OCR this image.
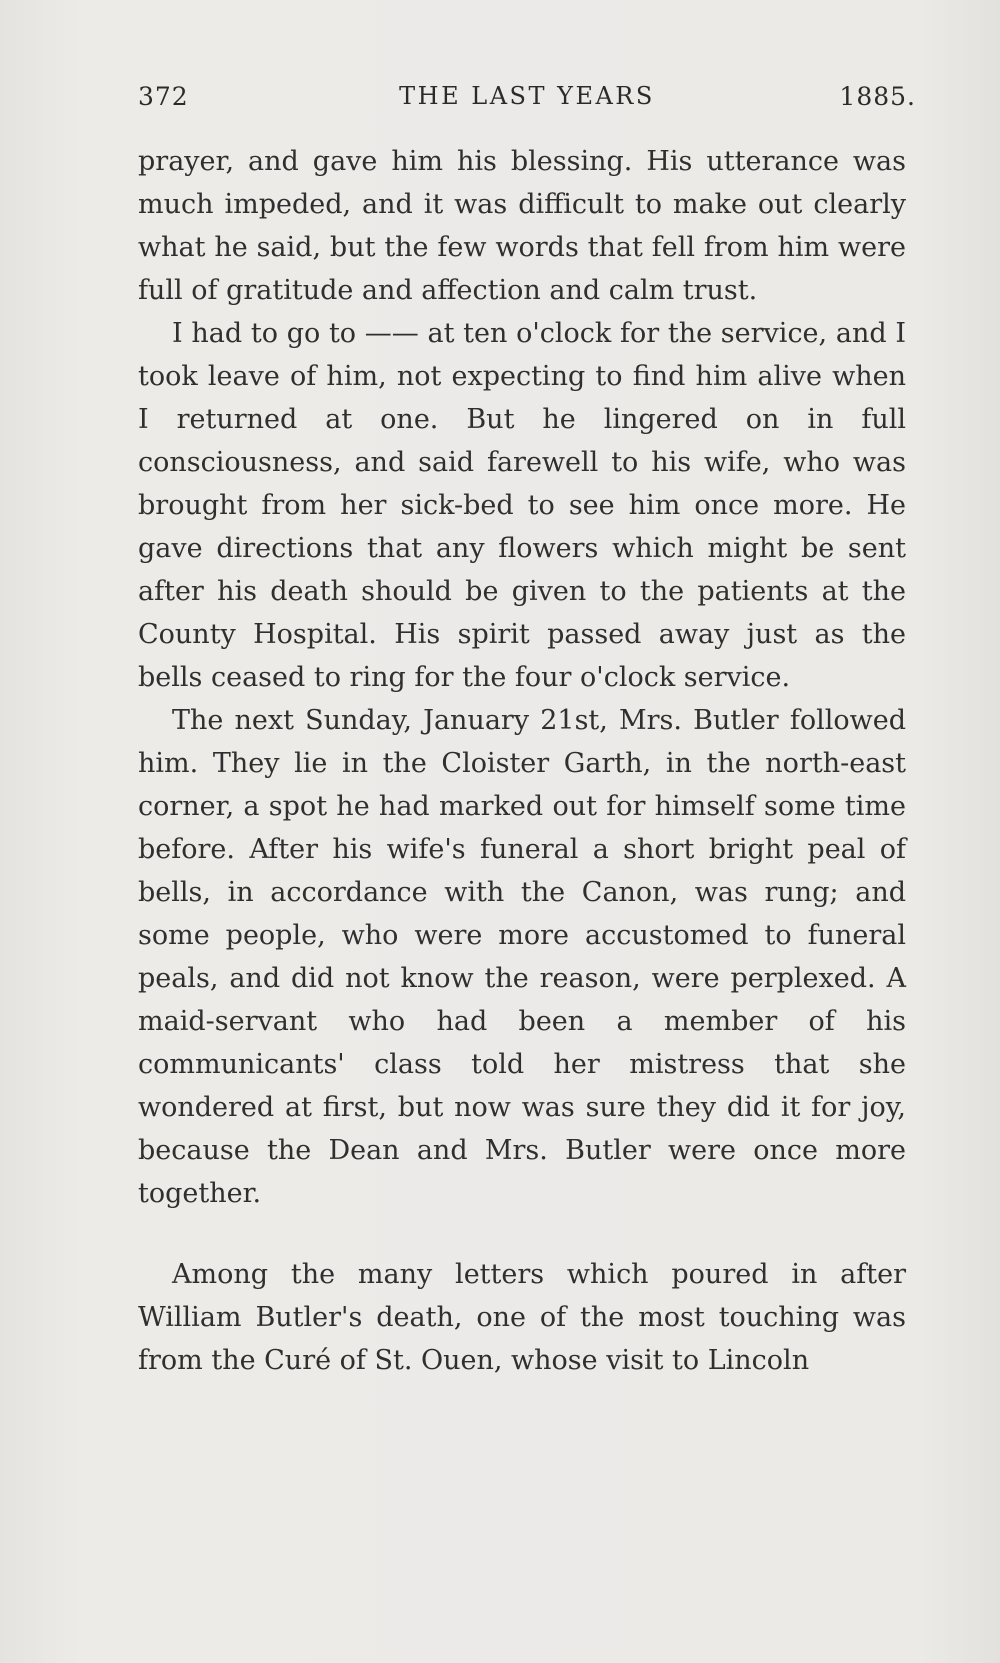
372	THE LAST YEARS	1885.

prayer, and gave him his blessing. His utterance was much impeded, and it was difficult to make out clearly what he said, but the few words that fell from him were full of gratitude and affection and calm trust.

I had to go to —— at ten o'clock for the service, and I took leave of him, not expecting to find him alive when I returned at one. But he lingered on in full consciousness, and said farewell to his wife, who was brought from her sick-bed to see him once more. He gave directions that any flowers which might be sent after his death should be given to the patients at the County Hospital. His spirit passed away just as the bells ceased to ring for the four o'clock service.

The next Sunday, January 21st, Mrs. Butler followed him. They lie in the Cloister Garth, in the north-east corner, a spot he had marked out for himself some time before. After his wife's funeral a short bright peal of bells, in accordance with the Canon, was rung; and some people, who were more accustomed to funeral peals, and did not know the reason, were perplexed. A maid-servant who had been a member of his communicants' class told her mistress that she wondered at first, but now was sure they did it for joy, because the Dean and Mrs. Butler were once more together.

Among the many letters which poured in after William Butler's death, one of the most touching was from the Curé of St. Ouen, whose visit to Lincoln
